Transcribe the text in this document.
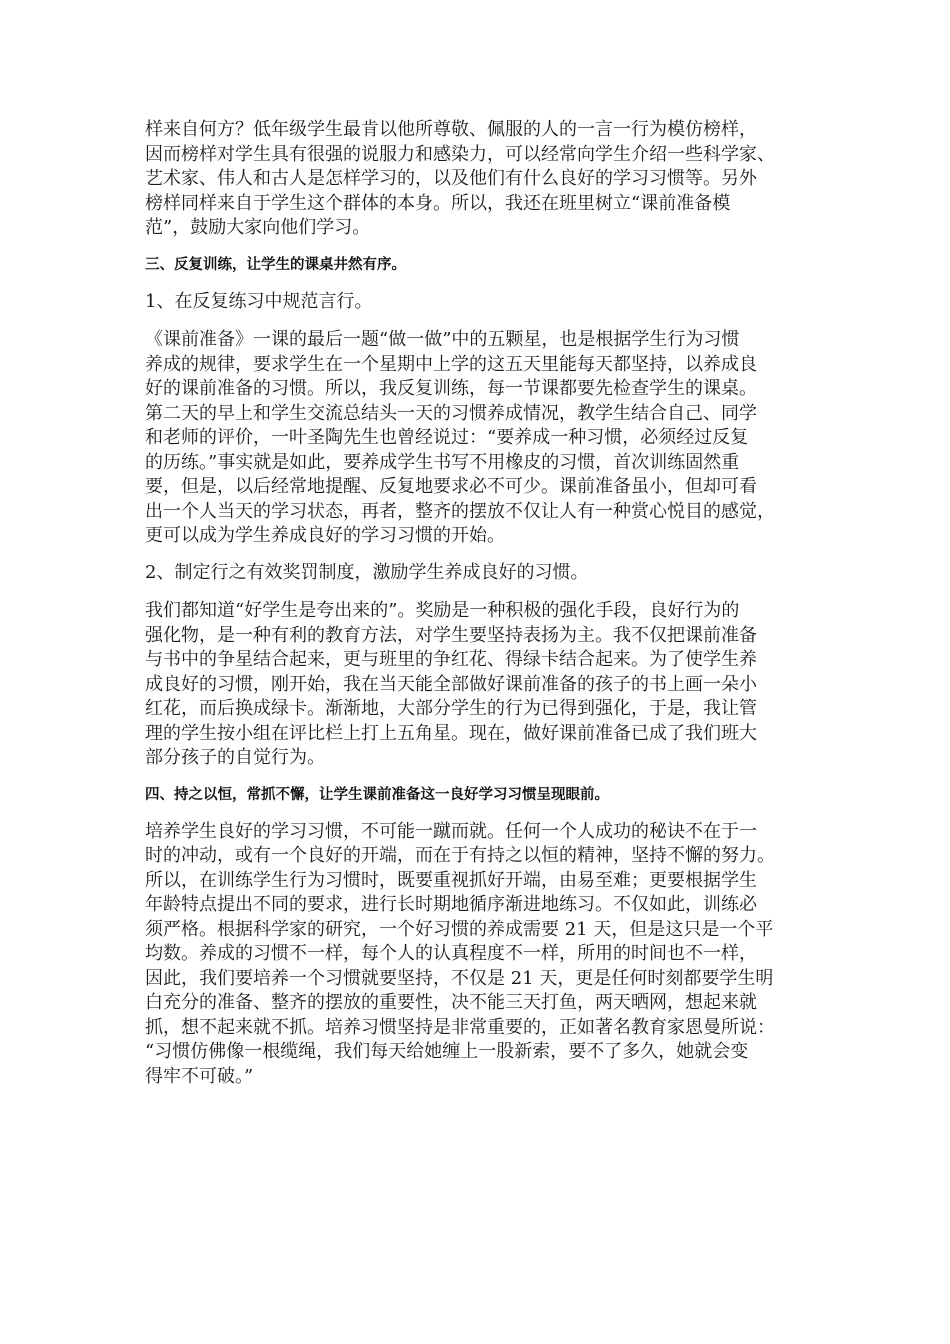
样来自何方？低年级学生最肯以他所尊敬、佩服的人的一言一行为模仿榜样，
因而榜样对学生具有很强的说服力和感染力，可以经常向学生介绍一些科学家、
艺术家、伟人和古人是怎样学习的，以及他们有什么良好的学习习惯等。另外
榜样同样来自于学生这个群体的本身。所以，我还在班里树立“课前准备模
范”，鼓励大家向他们学习。

三、反复训练，让学生的课桌井然有序。

1、在反复练习中规范言行。

《课前准备》一课的最后一题“做一做”中的五颗星，也是根据学生行为习惯
养成的规律，要求学生在一个星期中上学的这五天里能每天都坚持，以养成良
好的课前准备的习惯。所以，我反复训练，每一节课都要先检查学生的课桌。
第二天的早上和学生交流总结头一天的习惯养成情况，教学生结合自己、同学
和老师的评价，一叶圣陶先生也曾经说过：“要养成一种习惯，必须经过反复
的历练。”事实就是如此，要养成学生书写不用橡皮的习惯，首次训练固然重
要，但是，以后经常地提醒、反复地要求必不可少。课前准备虽小，但却可看
出一个人当天的学习状态，再者，整齐的摆放不仅让人有一种赏心悦目的感觉，
更可以成为学生养成良好的学习习惯的开始。

2、制定行之有效奖罚制度，激励学生养成良好的习惯。

我们都知道“好学生是夸出来的”。奖励是一种积极的强化手段，良好行为的
强化物，是一种有利的教育方法，对学生要坚持表扬为主。我不仅把课前准备
与书中的争星结合起来，更与班里的争红花、得绿卡结合起来。为了使学生养
成良好的习惯，刚开始，我在当天能全部做好课前准备的孩子的书上画一朵小
红花，而后换成绿卡。渐渐地，大部分学生的行为已得到强化，于是，我让管
理的学生按小组在评比栏上打上五角星。现在，做好课前准备已成了我们班大
部分孩子的自觉行为。

四、持之以恒，常抓不懈，让学生课前准备这一良好学习习惯呈现眼前。

培养学生良好的学习习惯，不可能一蹴而就。任何一个人成功的秘诀不在于一
时的冲动，或有一个良好的开端，而在于有持之以恒的精神，坚持不懈的努力。
所以，在训练学生行为习惯时，既要重视抓好开端，由易至难；更要根据学生
年龄特点提出不同的要求，进行长时期地循序渐进地练习。不仅如此，训练必
须严格。根据科学家的研究，一个好习惯的养成需要 21 天，但是这只是一个平
均数。养成的习惯不一样，每个人的认真程度不一样，所用的时间也不一样，
因此，我们要培养一个习惯就要坚持，不仅是 21 天，更是任何时刻都要学生明
白充分的准备、整齐的摆放的重要性，决不能三天打鱼，两天晒网，想起来就
抓，想不起来就不抓。培养习惯坚持是非常重要的，正如著名教育家恩曼所说：
“习惯仿佛像一根缆绳，我们每天给她缠上一股新索，要不了多久，她就会变
得牢不可破。”
